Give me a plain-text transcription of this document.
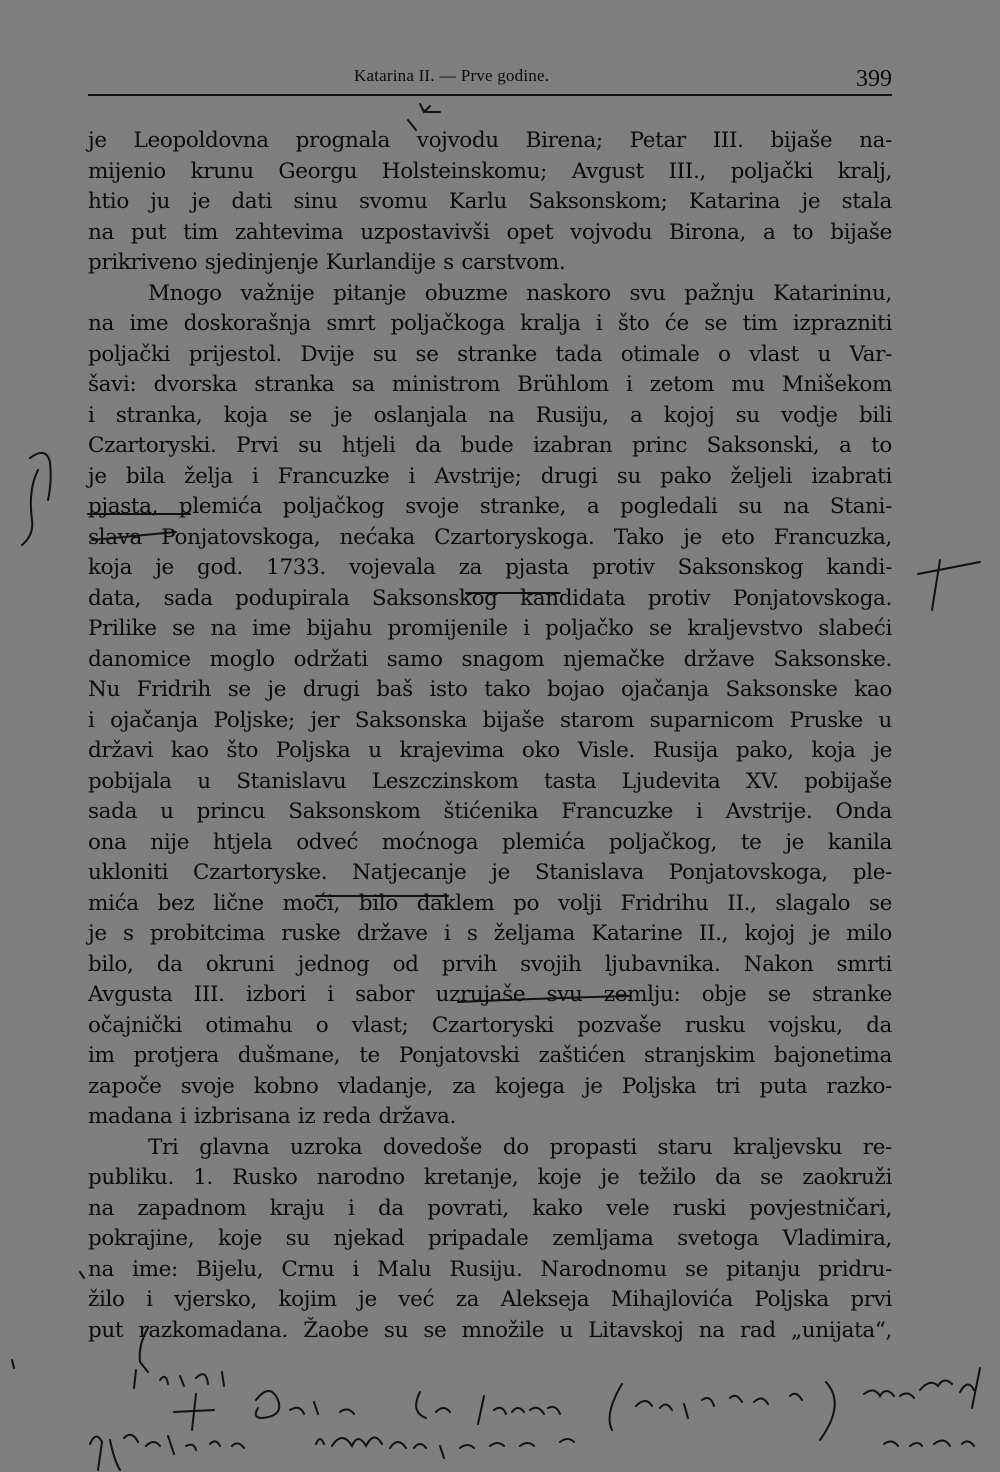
Katarina II. — Prve godine.	399
je Leopoldovna prognala vojvodu Birena; Petar III. bijaše na-
mijenio krunu Georgu Holsteinskomu; Avgust III., poljački kralj,
htio ju je dati sinu svomu Karlu Saksonskom; Katarina je stala
na put tim zahtevima uzpostavivši opet vojvodu Birona, a to bijaše
prikriveno sjedinjenje Kurlandije s carstvom.
Mnogo važnije pitanje obuzme naskoro svu pažnju Katarininu,
na ime doskorašnja smrt poljačkoga kralja i što će se tim izprazniti
poljački prijestol. Dvije su se stranke tada otimale o vlast u Var-
šavi: dvorska stranka sa ministrom Brühlom i zetom mu Mnišekom
i stranka, koja se je oslanjala na Rusiju, a kojoj su vodje bili
Czartoryski. Prvi su htjeli da bude izabran princ Saksonski, a to
je bila želja i Francuzke i Avstrije; drugi su pako željeli izabrati
pjasta, plemića poljačkog svoje stranke, a pogledali su na Stani-
slava Ponjatovskoga, nećaka Czartoryskoga. Tako je eto Francuzka,
koja je god. 1733. vojevala za pjasta protiv Saksonskog kandi-
data, sada podupirala Saksonskog kandidata protiv Ponjatovskoga.
Prilike se na ime bijahu promijenile i poljačko se kraljevstvo slabeći
danomice moglo održati samo snagom njemačke države Saksonske.
Nu Fridrih se je drugi baš isto tako bojao ojačanja Saksonske kao
i ojačanja Poljske; jer Saksonska bijaše starom suparnicom Pruske u
državi kao što Poljska u krajevima oko Visle. Rusija pako, koja je
pobijala u Stanislavu Leszczinskom tasta Ljudevita XV. pobijaše
sada u princu Saksonskom štićenika Francuzke i Avstrije. Onda
ona nije htjela odveć moćnoga plemića poljačkog, te je kanila
ukloniti Czartoryske. Natjecanje je Stanislava Ponjatovskoga, ple-
mića bez lične moći, bilo daklem po volji Fridrihu II., slagalo se
je s probitcima ruske države i s željama Katarine II., kojoj je milo
bilo, da okruni jednog od prvih svojih ljubavnika. Nakon smrti
Avgusta III. izbori i sabor uzrujaše svu zemlju: obje se stranke
očajnički otimahu o vlast; Czartoryski pozvaše rusku vojsku, da
im protjera dušmane, te Ponjatovski zaštićen stranjskim bajonetima
započe svoje kobno vladanje, za kojega je Poljska tri puta razko-
madana i izbrisana iz reda država.
Tri glavna uzroka dovedoše do propasti staru kraljevsku re-
publiku. 1. Rusko narodno kretanje, koje je težilo da se zaokruži
na zapadnom kraju i da povrati, kako vele ruski povjestničari,
pokrajine, koje su njekad pripadale zemljama svetoga Vladimira,
na ime: Bijelu, Crnu i Malu Rusiju. Narodnomu se pitanju pridru-
žilo i vjersko, kojim je već za Alekseja Mihajlovića Poljska prvi
put razkomadana. Žaobe su se množile u Litavskoj na rad „unijata“,
